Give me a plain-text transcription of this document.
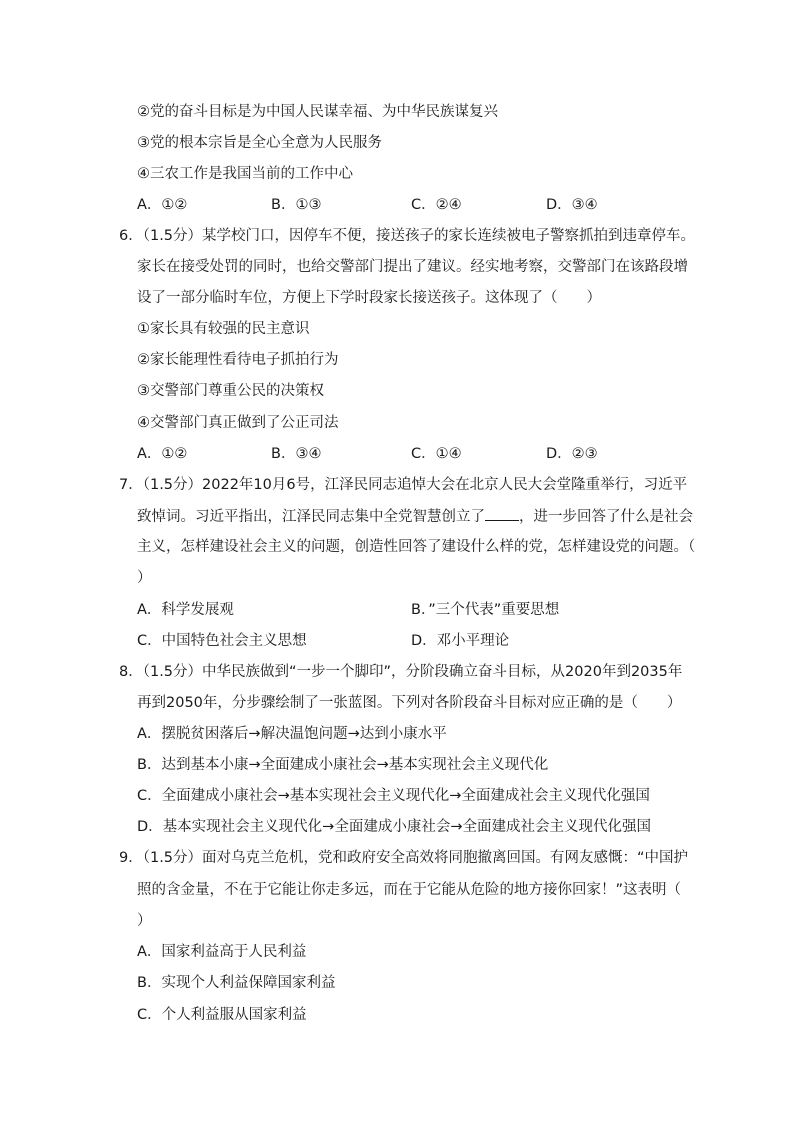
②党的奋斗目标是为中国人民谋幸福、为中华民族谋复兴
③党的根本宗旨是全心全意为人民服务
④三农工作是我国当前的工作中心
A．①②	B．①③	C．②④	D．③④
6．（1.5分）某学校门口，因停车不便，接送孩子的家长连续被电子警察抓拍到违章停车。
家长在接受处罚的同时，也给交警部门提出了建议。经实地考察，交警部门在该路段增
设了一部分临时车位，方便上下学时段家长接送孩子。这体现了（　　）
①家长具有较强的民主意识
②家长能理性看待电子抓拍行为
③交警部门尊重公民的决策权
④交警部门真正做到了公正司法
A．①②	B．③④	C．①④	D．②③
7．（1.5分）2022年10月6号，江泽民同志追悼大会在北京人民大会堂隆重举行，习近平
致悼词。习近平指出，江泽民同志集中全党智慧创立了 ，进一步回答了什么是社会
主义，怎样建设社会主义的问题，创造性回答了建设什么样的党，怎样建设党的问题。（
）
A．科学发展观	B．”三个代表”重要思想
C．中国特色社会主义思想	D．邓小平理论
8．（1.5分）中华民族做到“一步一个脚印”，分阶段确立奋斗目标，从2020年到2035年
再到2050年，分步骤绘制了一张蓝图。下列对各阶段奋斗目标对应正确的是（　　）
A．摆脱贫困落后→解决温饱问题→达到小康水平
B．达到基本小康→全面建成小康社会→基本实现社会主义现代化
C．全面建成小康社会→基本实现社会主义现代化→全面建成社会主义现代化强国
D．基本实现社会主义现代化→全面建成小康社会→全面建成社会主义现代化强国
9．（1.5分）面对乌克兰危机，党和政府安全高效将同胞撤离回国。有网友感慨：“中国护
照的含金量，不在于它能让你走多远，而在于它能从危险的地方接你回家！”这表明（
）
A．国家利益高于人民利益
B．实现个人利益保障国家利益
C．个人利益服从国家利益
